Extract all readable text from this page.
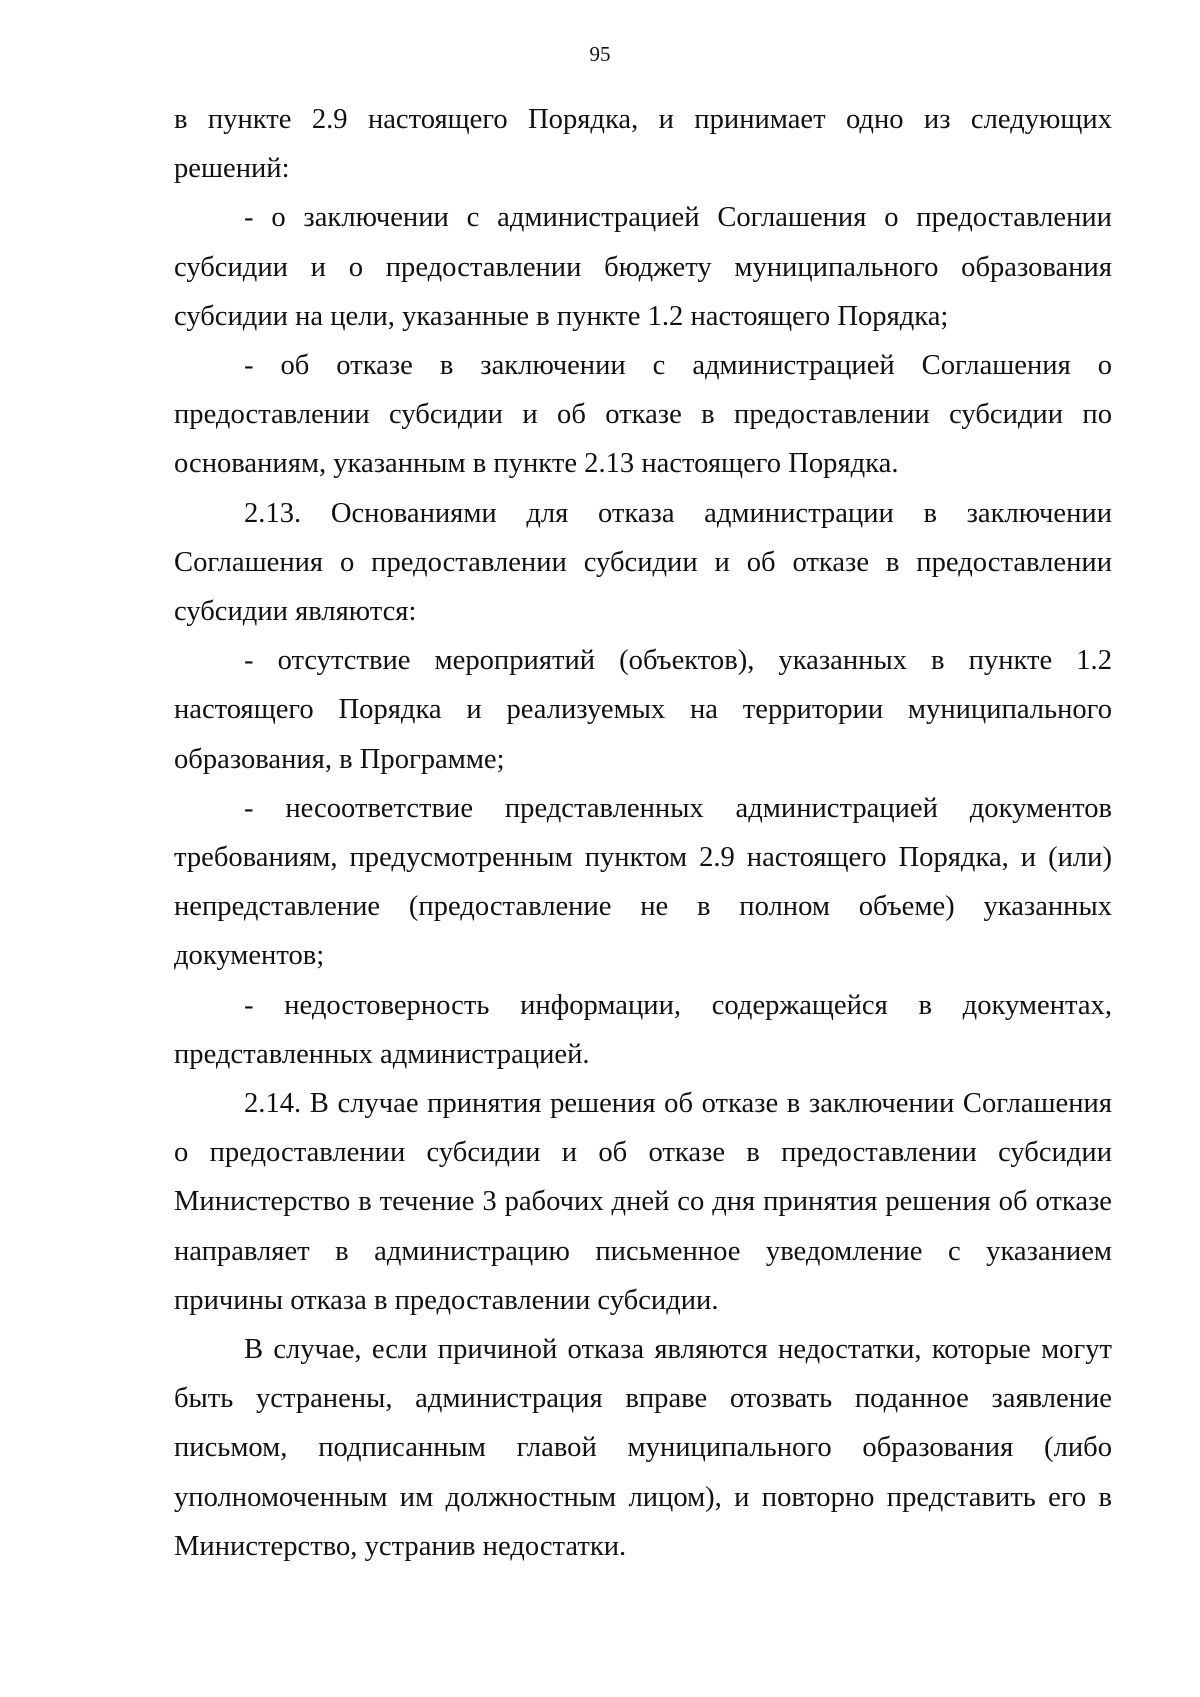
95

в пункте 2.9 настоящего Порядка, и принимает одно из следующих решений:

- о заключении с администрацией Соглашения о предоставлении субсидии и о предоставлении бюджету муниципального образования субсидии на цели, указанные в пункте 1.2 настоящего Порядка;

- об отказе в заключении с администрацией Соглашения о предоставлении субсидии и об отказе в предоставлении субсидии по основаниям, указанным в пункте 2.13 настоящего Порядка.

2.13. Основаниями для отказа администрации в заключении Соглашения о предоставлении субсидии и об отказе в предоставлении субсидии являются:

- отсутствие мероприятий (объектов), указанных в пункте 1.2 настоящего Порядка и реализуемых на территории муниципального образования, в Программе;

- несоответствие представленных администрацией документов требованиям, предусмотренным пунктом 2.9 настоящего Порядка, и (или) непредставление (предоставление не в полном объеме) указанных документов;

- недостоверность информации, содержащейся в документах, представленных администрацией.

2.14. В случае принятия решения об отказе в заключении Соглашения о предоставлении субсидии и об отказе в предоставлении субсидии Министерство в течение 3 рабочих дней со дня принятия решения об отказе направляет в администрацию письменное уведомление с указанием причины отказа в предоставлении субсидии.

В случае, если причиной отказа являются недостатки, которые могут быть устранены, администрация вправе отозвать поданное заявление письмом, подписанным главой муниципального образования (либо уполномоченным им должностным лицом), и повторно представить его в Министерство, устранив недостатки.
